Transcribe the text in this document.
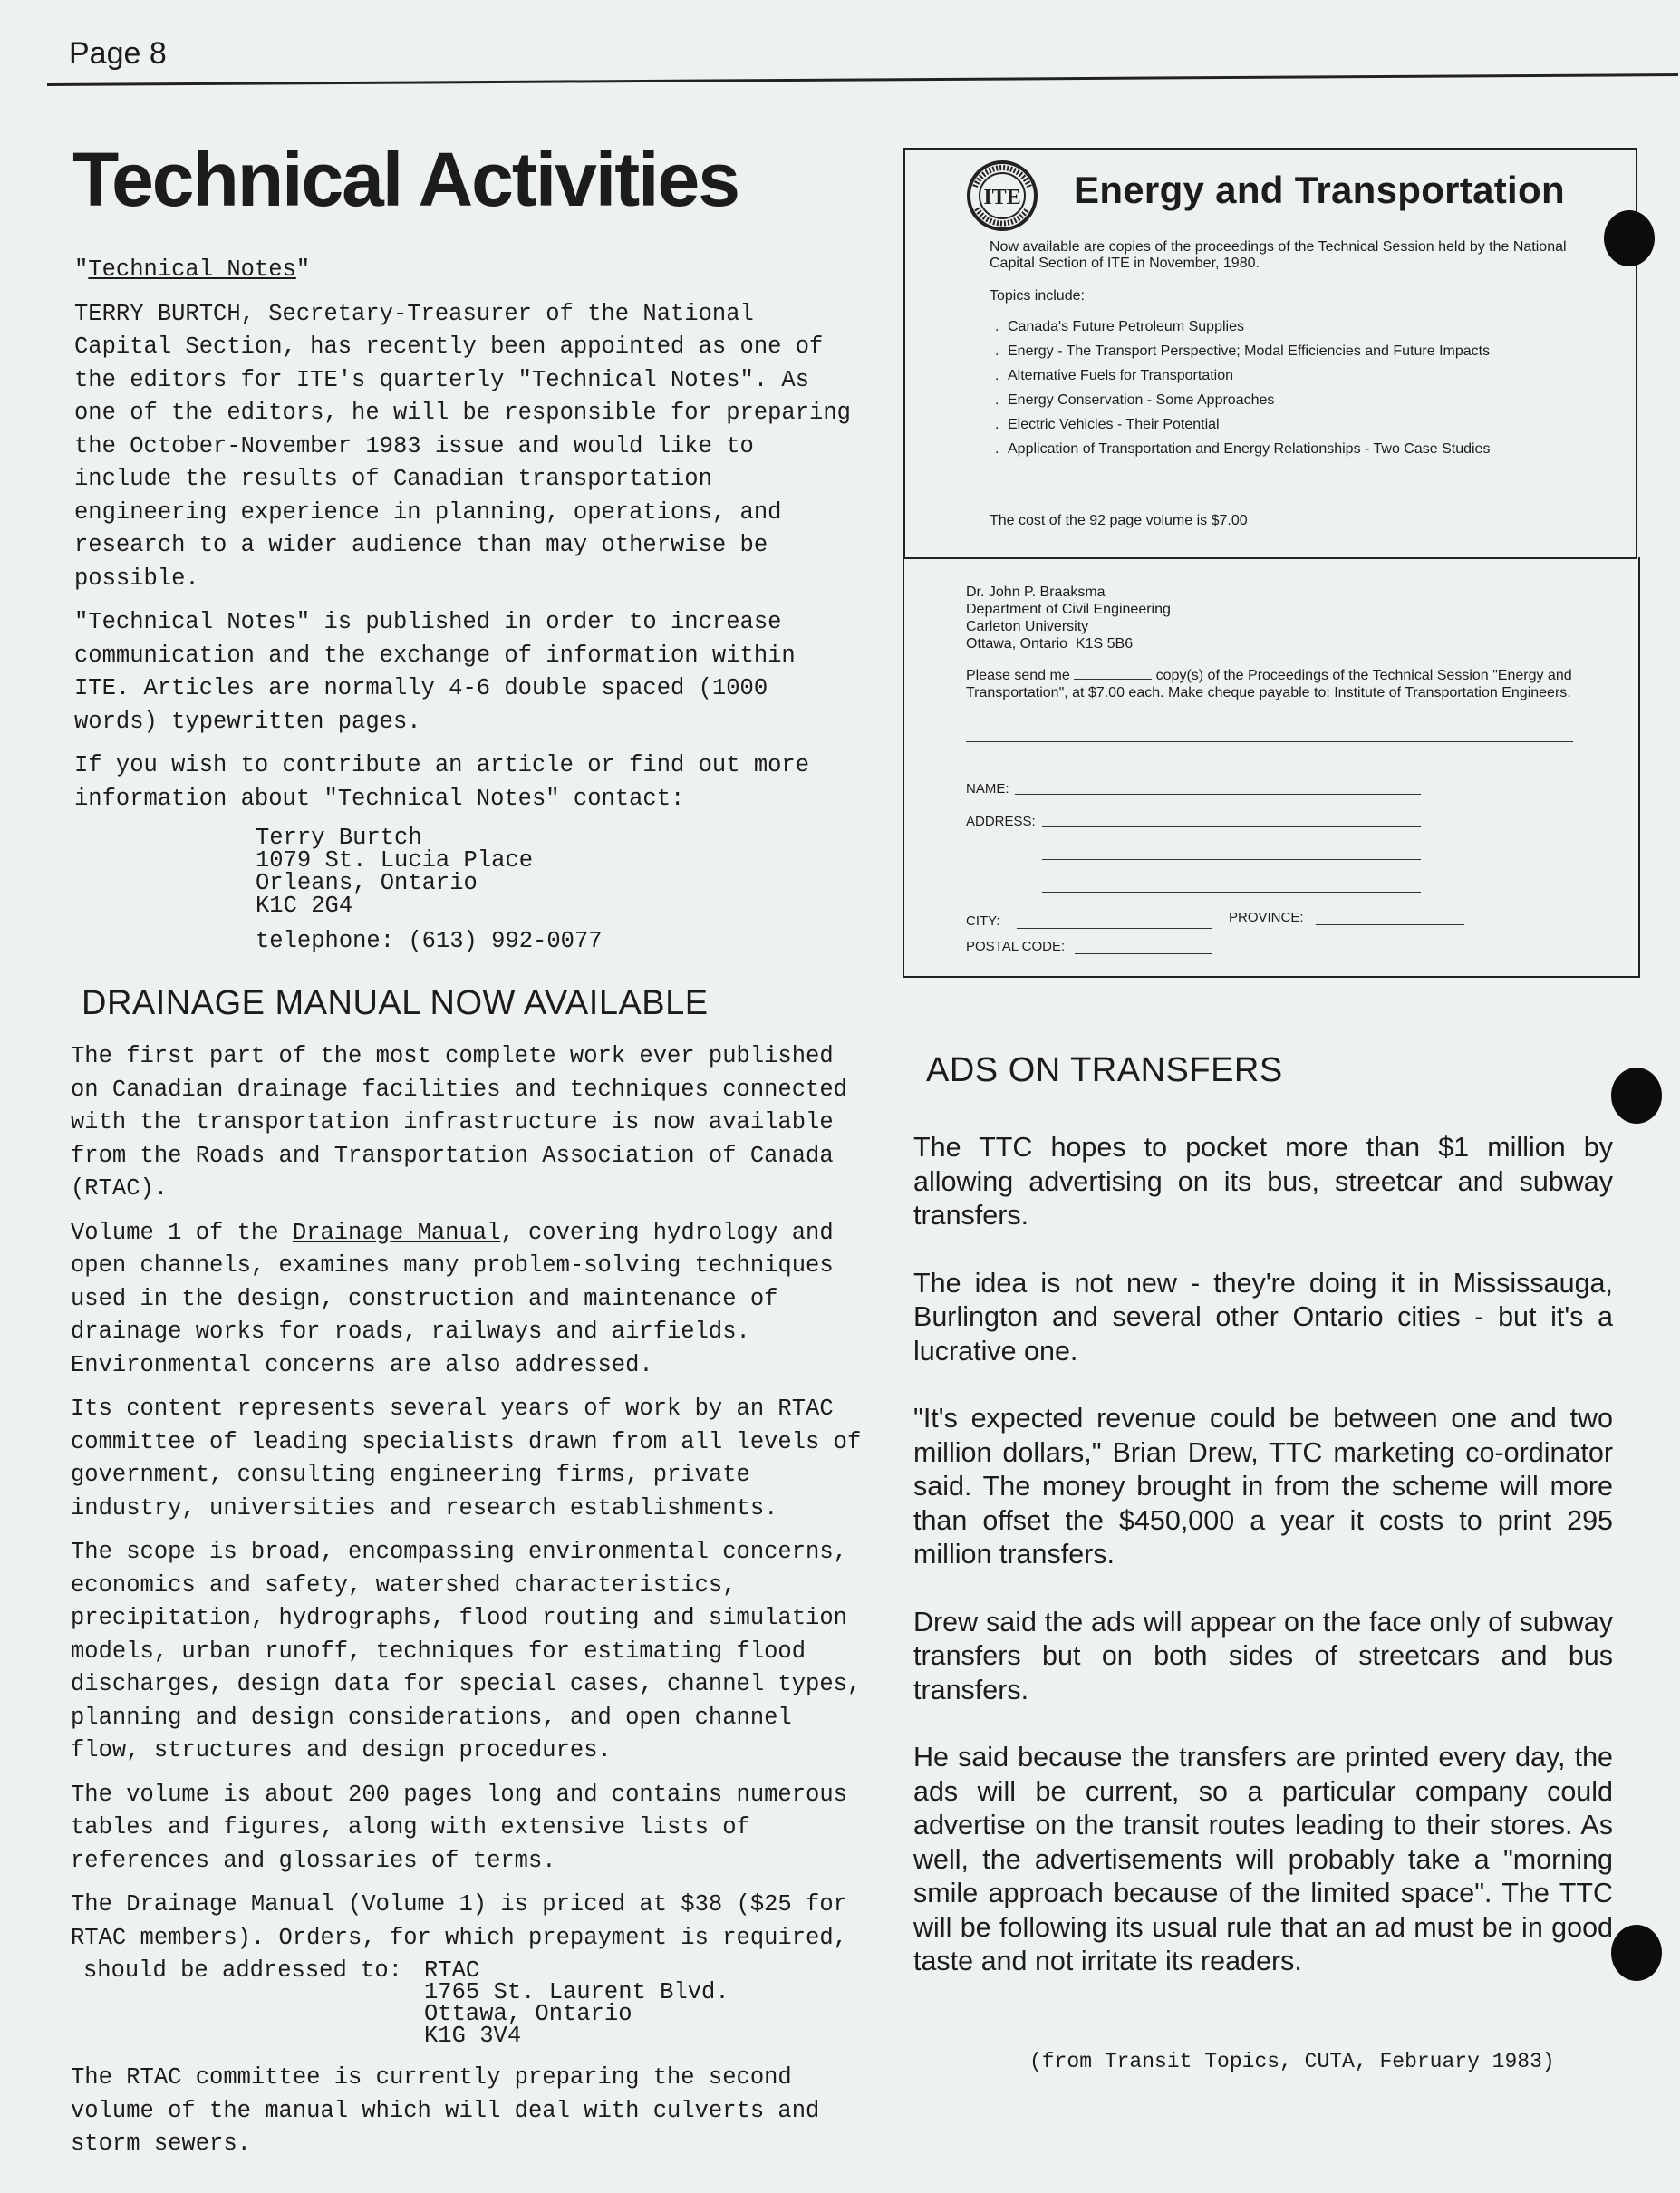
Page 8
Technical Activities

"Technical Notes"

TERRY BURTCH, Secretary-Treasurer of the National Capital Section, has recently been appointed as one of the editors for ITE's quarterly "Technical Notes". As one of the editors, he will be responsible for preparing the October-November 1983 issue and would like to include the results of Canadian transportation engineering experience in planning, operations, and research to a wider audience than may otherwise be possible.

"Technical Notes" is published in order to increase communication and the exchange of information within ITE. Articles are normally 4-6 double spaced (1000 words) typewritten pages.

If you wish to contribute an article or find out more information about "Technical Notes" contact:

Terry Burtch
1079 St. Lucia Place
Orleans, Ontario
K1C 2G4
telephone: (613) 992-0077
DRAINAGE MANUAL NOW AVAILABLE

The first part of the most complete work ever published on Canadian drainage facilities and techniques connected with the transportation infrastructure is now available from the Roads and Transportation Association of Canada (RTAC).

Volume 1 of the Drainage Manual, covering hydrology and open channels, examines many problem-solving techniques used in the design, construction and maintenance of drainage works for roads, railways and airfields. Environmental concerns are also addressed.

Its content represents several years of work by an RTAC committee of leading specialists drawn from all levels of government, consulting engineering firms, private industry, universities and research establishments.

The scope is broad, encompassing environmental concerns, economics and safety, watershed characteristics, precipitation, hydrographs, flood routing and simulation models, urban runoff, techniques for estimating flood discharges, design data for special cases, channel types, planning and design considerations, and open channel flow, structures and design procedures.

The volume is about 200 pages long and contains numerous tables and figures, along with extensive lists of references and glossaries of terms.

The Drainage Manual (Volume 1) is priced at $38 ($25 for RTAC members). Orders, for which prepayment is required,

should be addressed to: RTAC
1765 St. Laurent Blvd.
Ottawa, Ontario
K1G 3V4

The RTAC committee is currently preparing the second volume of the manual which will deal with culverts and storm sewers.

ITE Energy and Transportation
Now available are copies of the proceedings of the Technical Session held by the National Capital Section of ITE in November, 1980.
Topics include:
. Canada's Future Petroleum Supplies
. Energy - The Transport Perspective; Modal Efficiencies and Future Impacts
. Alternative Fuels for Transportation
. Energy Conservation - Some Approaches
. Electric Vehicles - Their Potential
. Application of Transportation and Energy Relationships - Two Case Studies
The cost of the 92 page volume is $7.00
Dr. John P. Braaksma
Department of Civil Engineering
Carleton University
Ottawa, Ontario  K1S 5B6
Please send me	copy(s) of the Proceedings of the Technical Session "Energy and Transportation", at $7.00 each. Make cheque payable to: Institute of Transportation Engineers.
NAME:
ADDRESS:
CITY:	PROVINCE:
POSTAL CODE:
ADS ON TRANSFERS

The TTC hopes to pocket more than $1 million by allowing advertising on its bus, streetcar and subway transfers.

The idea is not new - they're doing it in Mississauga, Burlington and several other Ontario cities - but it's a lucrative one.

"It's expected revenue could be between one and two million dollars," Brian Drew, TTC marketing co-ordinator said. The money brought in from the scheme will more than offset the $450,000 a year it costs to print 295 million transfers.

Drew said the ads will appear on the face only of subway transfers but on both sides of streetcars and bus transfers.

He said because the transfers are printed every day, the ads will be current, so a particular company could advertise on the transit routes leading to their stores. As well, the advertisements will probably take a "morning smile approach because of the limited space". The TTC will be following its usual rule that an ad must be in good taste and not irritate its readers.

(from Transit Topics, CUTA, February 1983)
